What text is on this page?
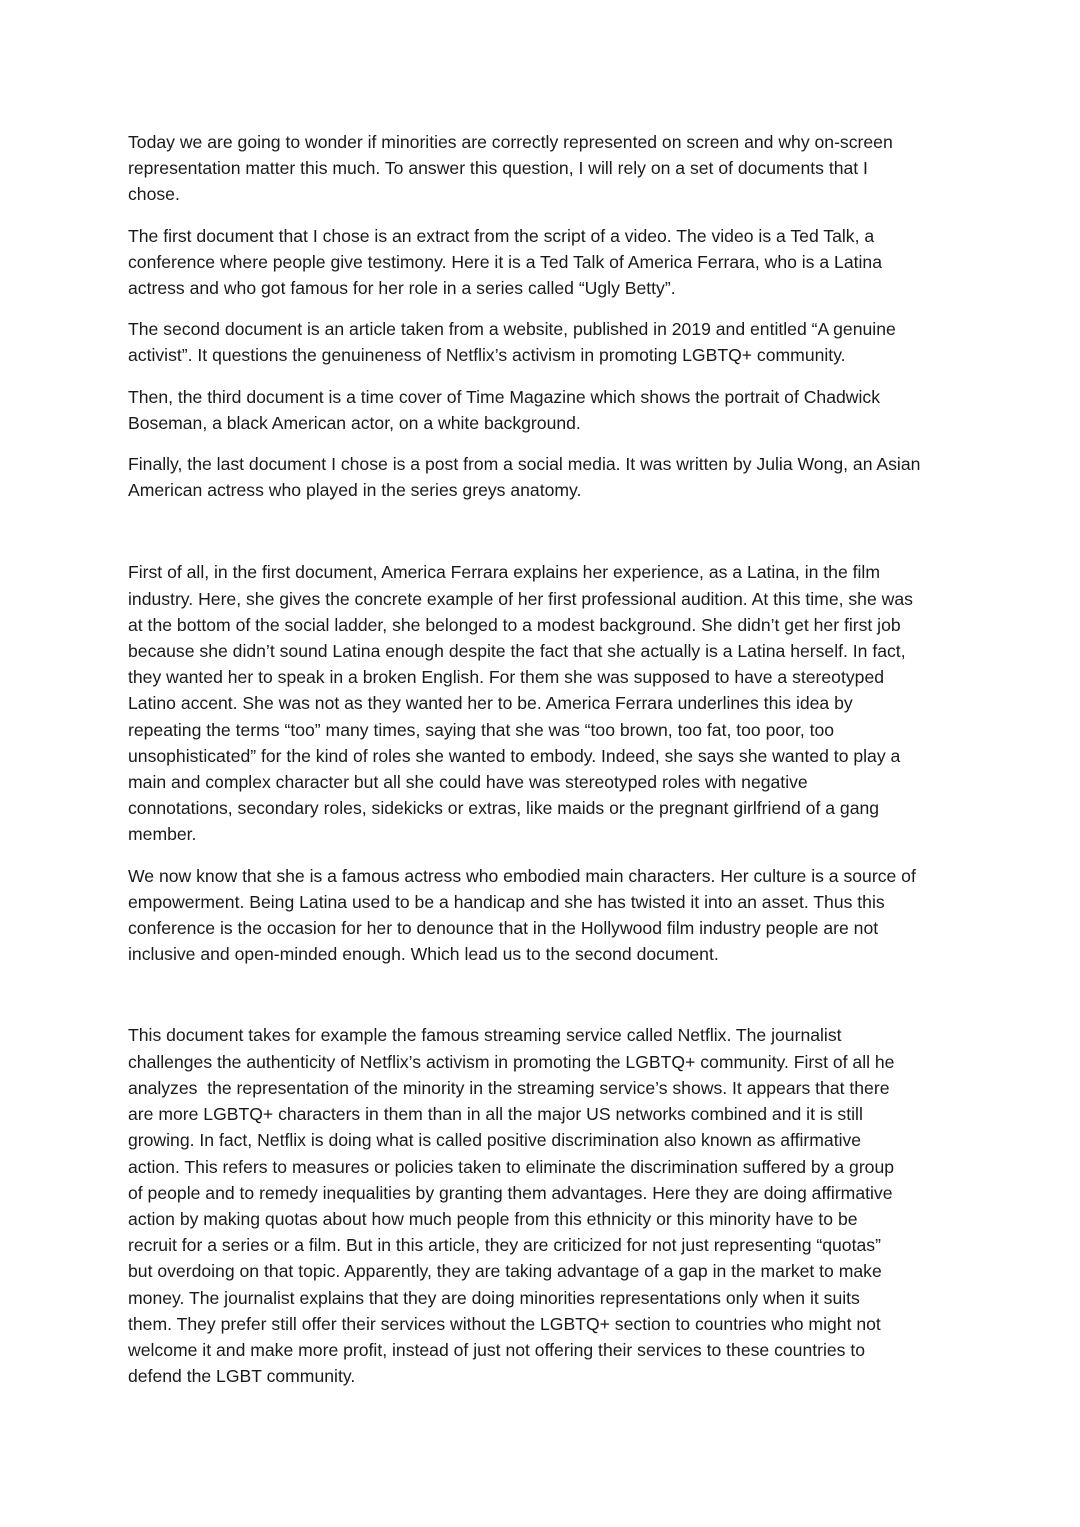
Today we are going to wonder if minorities are correctly represented on screen and why on-screen
representation matter this much. To answer this question, I will rely on a set of documents that I
chose.

The first document that I chose is an extract from the script of a video. The video is a Ted Talk, a
conference where people give testimony. Here it is a Ted Talk of America Ferrara, who is a Latina
actress and who got famous for her role in a series called “Ugly Betty”.

The second document is an article taken from a website, published in 2019 and entitled “A genuine
activist”. It questions the genuineness of Netflix’s activism in promoting LGBTQ+ community.

Then, the third document is a time cover of Time Magazine which shows the portrait of Chadwick
Boseman, a black American actor, on a white background.

Finally, the last document I chose is a post from a social media. It was written by Julia Wong, an Asian
American actress who played in the series greys anatomy.

First of all, in the first document, America Ferrara explains her experience, as a Latina, in the film
industry. Here, she gives the concrete example of her first professional audition. At this time, she was
at the bottom of the social ladder, she belonged to a modest background. She didn’t get her first job
because she didn’t sound Latina enough despite the fact that she actually is a Latina herself. In fact,
they wanted her to speak in a broken English. For them she was supposed to have a stereotyped
Latino accent. She was not as they wanted her to be. America Ferrara underlines this idea by
repeating the terms “too” many times, saying that she was “too brown, too fat, too poor, too
unsophisticated” for the kind of roles she wanted to embody. Indeed, she says she wanted to play a
main and complex character but all she could have was stereotyped roles with negative
connotations, secondary roles, sidekicks or extras, like maids or the pregnant girlfriend of a gang
member.

We now know that she is a famous actress who embodied main characters. Her culture is a source of
empowerment. Being Latina used to be a handicap and she has twisted it into an asset. Thus this
conference is the occasion for her to denounce that in the Hollywood film industry people are not
inclusive and open-minded enough. Which lead us to the second document.

This document takes for example the famous streaming service called Netflix. The journalist
challenges the authenticity of Netflix’s activism in promoting the LGBTQ+ community. First of all he
analyzes  the representation of the minority in the streaming service’s shows. It appears that there
are more LGBTQ+ characters in them than in all the major US networks combined and it is still
growing. In fact, Netflix is doing what is called positive discrimination also known as affirmative
action. This refers to measures or policies taken to eliminate the discrimination suffered by a group
of people and to remedy inequalities by granting them advantages. Here they are doing affirmative
action by making quotas about how much people from this ethnicity or this minority have to be
recruit for a series or a film. But in this article, they are criticized for not just representing “quotas”
but overdoing on that topic. Apparently, they are taking advantage of a gap in the market to make
money. The journalist explains that they are doing minorities representations only when it suits
them. They prefer still offer their services without the LGBTQ+ section to countries who might not
welcome it and make more profit, instead of just not offering their services to these countries to
defend the LGBT community.
